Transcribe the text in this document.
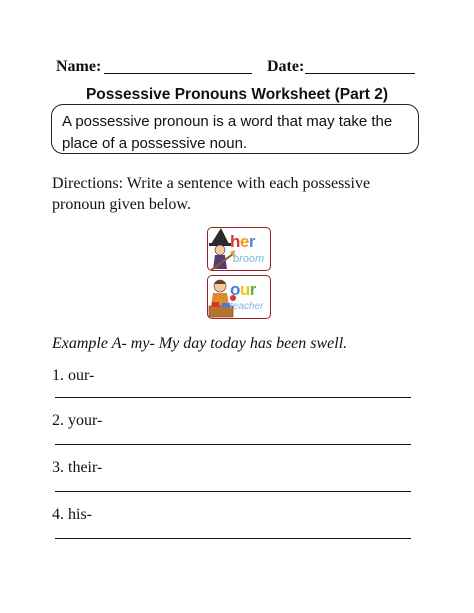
Name:	Date:
Possessive Pronouns Worksheet (Part 2)
A possessive pronoun is a word that may take the place of a possessive noun.
Directions: Write a sentence with each possessive pronoun given below.
her
broom
our
teacher
Example A- my- My day today has been swell.
1. our-
2. your-
3. their-
4. his-
